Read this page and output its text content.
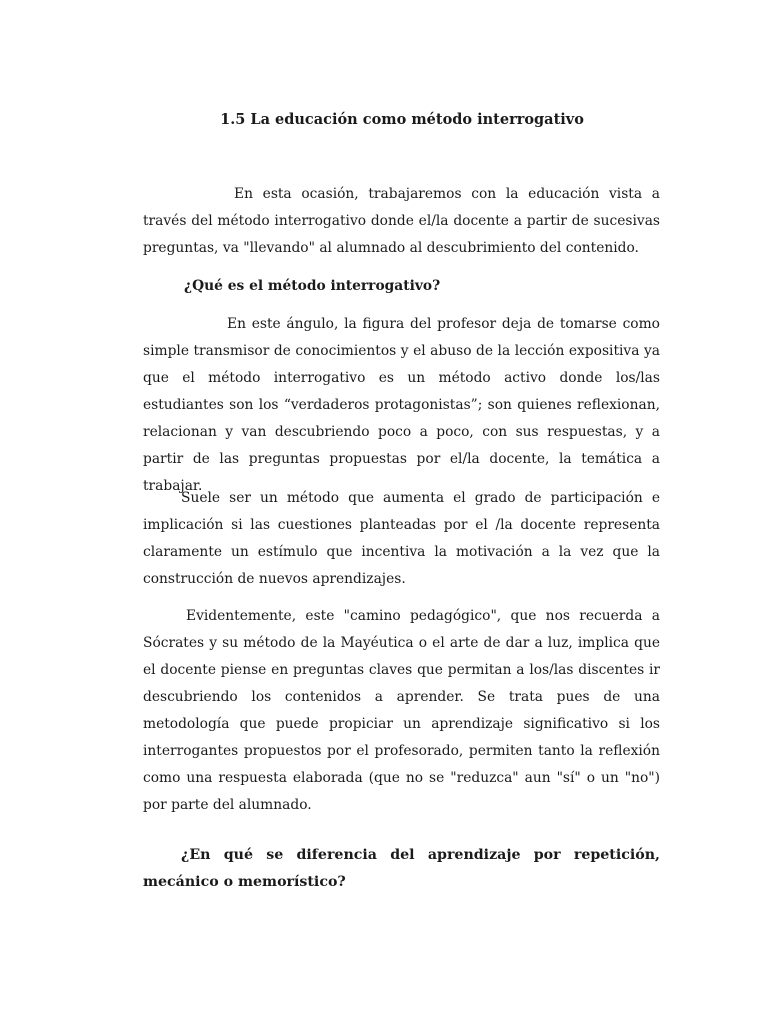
1.5 La educación como método interrogativo

En esta ocasión, trabajaremos con la educación vista a través del método interrogativo donde el/la docente a partir de sucesivas preguntas, va "llevando" al alumnado al descubrimiento del contenido.

¿Qué es el método interrogativo?

En este ángulo, la figura del profesor deja de tomarse como simple transmisor de conocimientos y el abuso de la lección expositiva ya que el método interrogativo es un método activo donde los/las estudiantes son los “verdaderos protagonistas”; son quienes reflexionan, relacionan y van descubriendo poco a poco, con sus respuestas, y a partir de las preguntas propuestas por el/la docente, la temática a trabajar.

Suele ser un método que aumenta el grado de participación e implicación si las cuestiones planteadas por el /la docente representa claramente un estímulo que incentiva la motivación a la vez que la construcción de nuevos aprendizajes.

Evidentemente, este "camino pedagógico", que nos recuerda a Sócrates y su método de la Mayéutica o el arte de dar a luz, implica que el docente piense en preguntas claves que permitan a los/las discentes ir descubriendo los contenidos a aprender. Se trata pues de una metodología que puede propiciar un aprendizaje significativo si los interrogantes propuestos por el profesorado, permiten tanto la reflexión como una respuesta elaborada (que no se "reduzca" aun "sí" o un "no") por parte del alumnado.

¿En qué se diferencia del aprendizaje por repetición, mecánico o memorístico?
